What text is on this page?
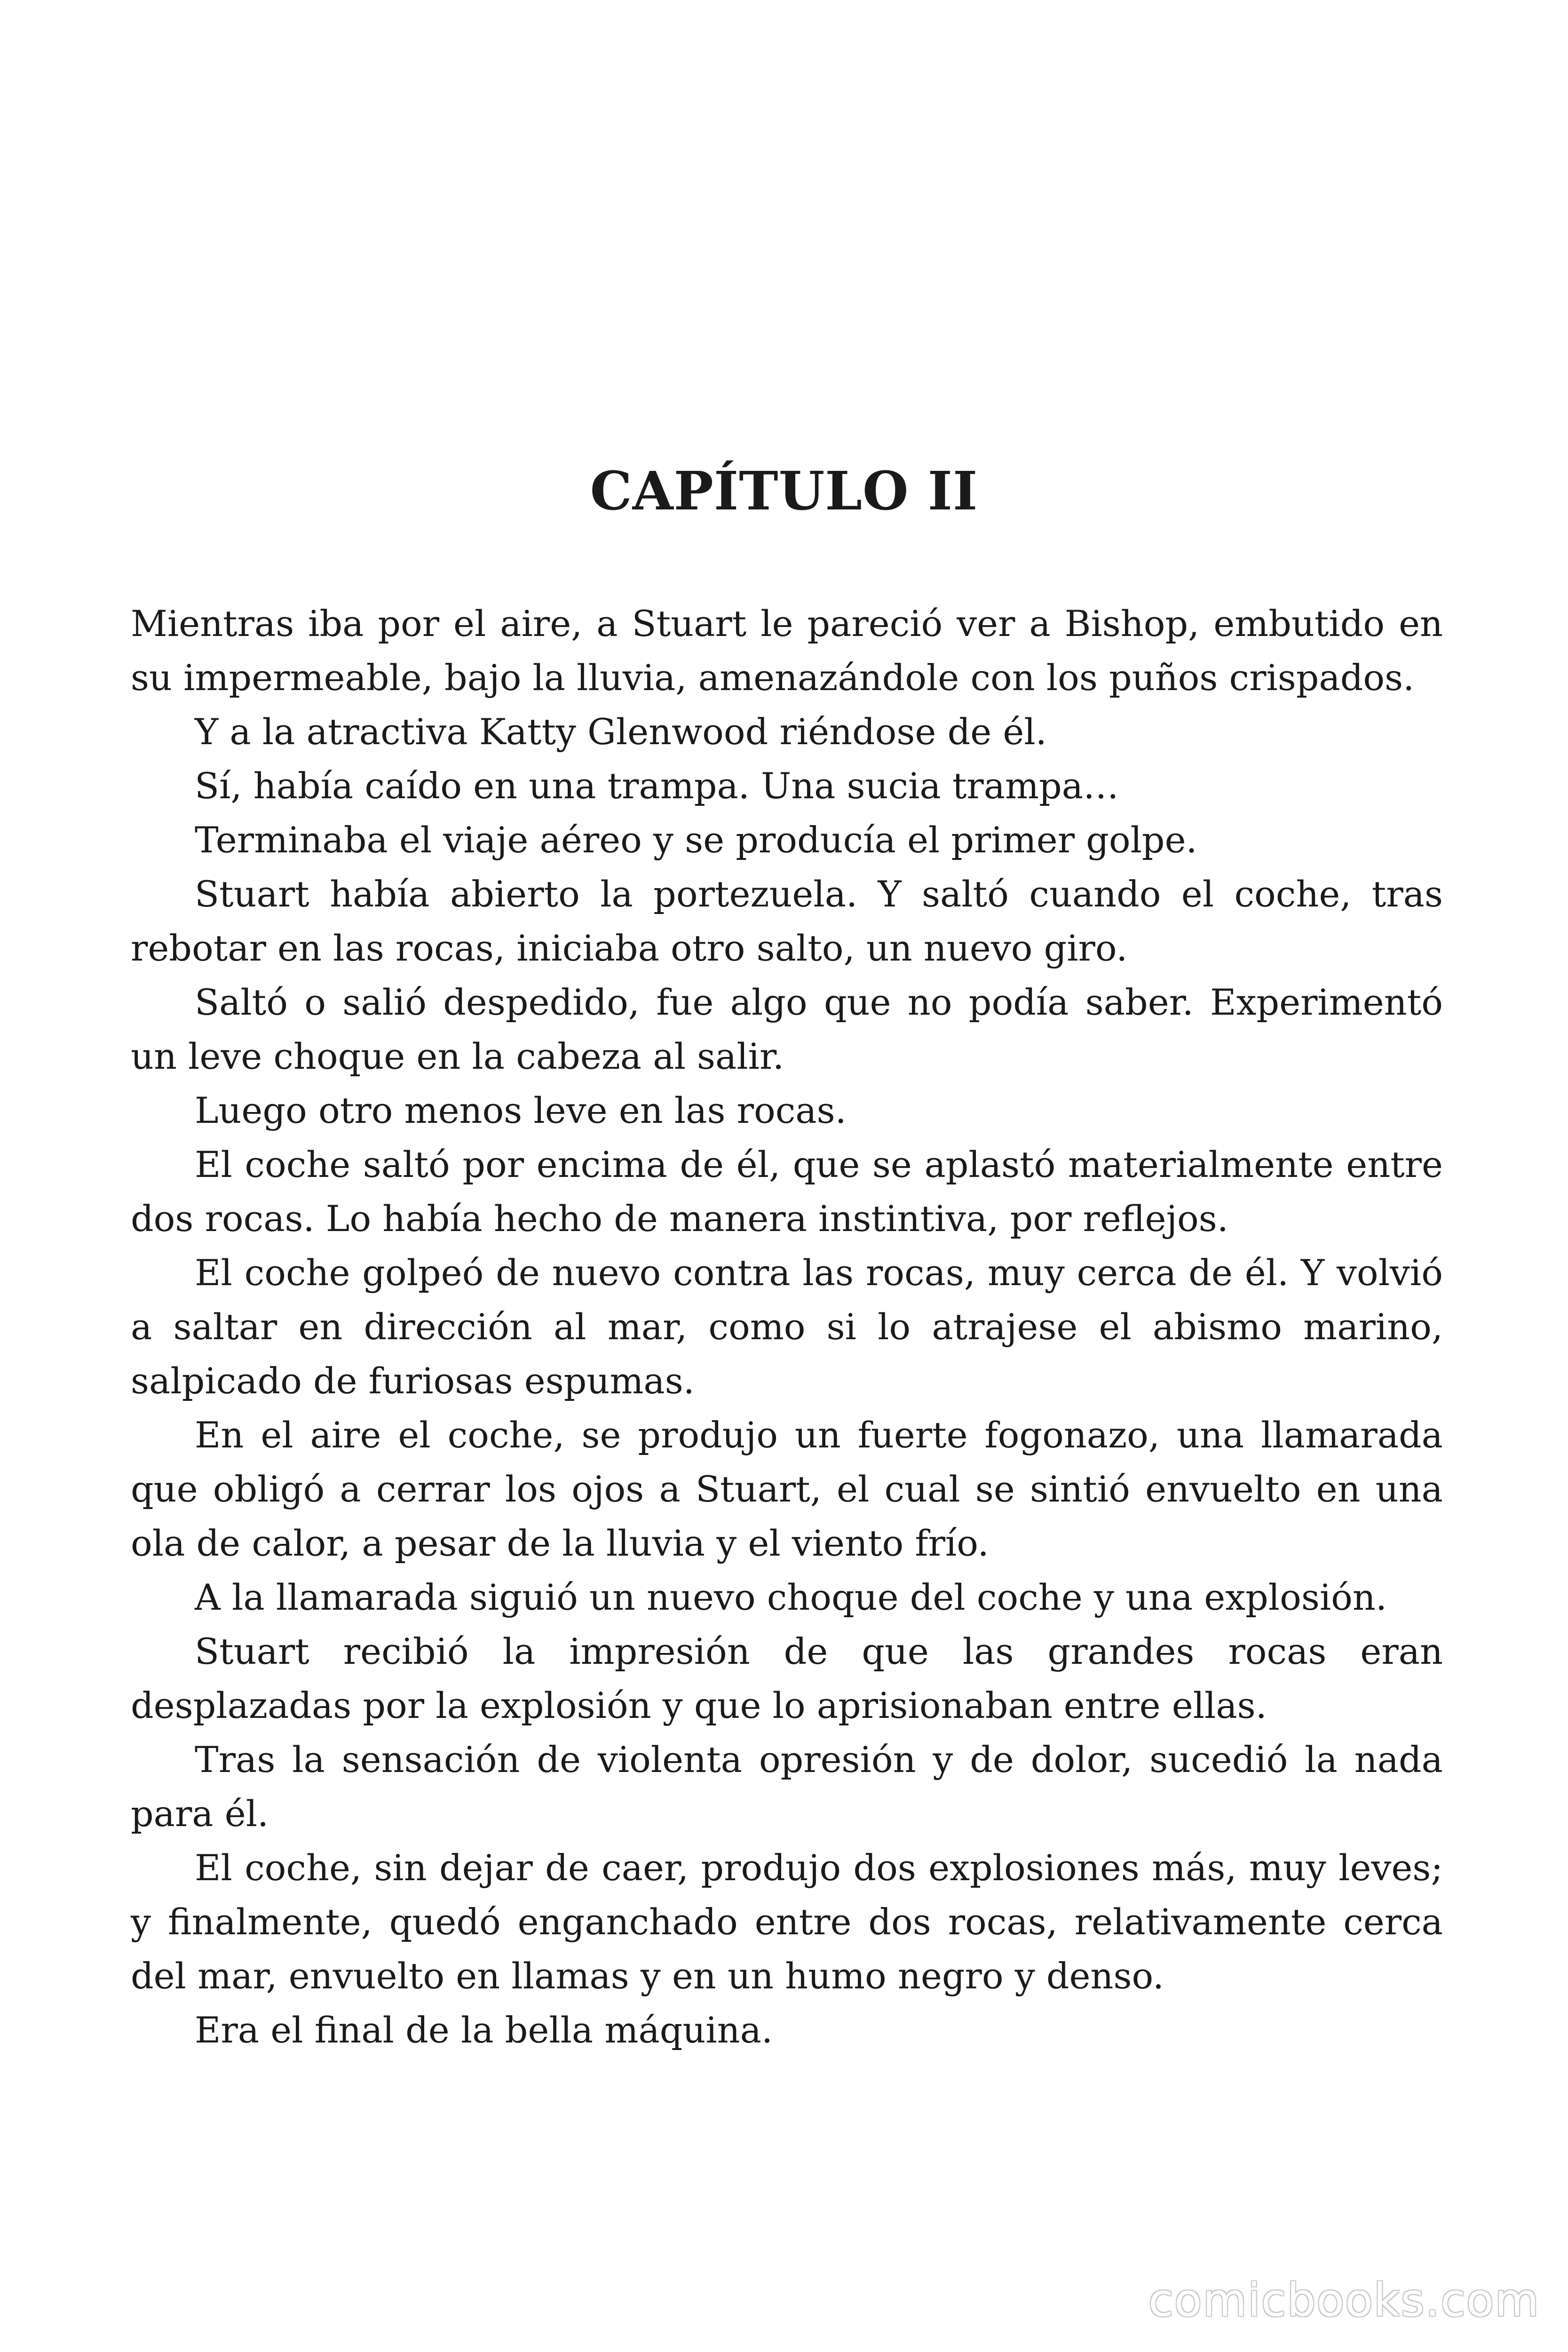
CAPÍTULO II

Mientras iba por el aire, a Stuart le pareció ver a Bishop, embutido en su impermeable, bajo la lluvia, amenazándole con los puños crispados.

Y a la atractiva Katty Glenwood riéndose de él.

Sí, había caído en una trampa. Una sucia trampa…

Terminaba el viaje aéreo y se producía el primer golpe.

Stuart había abierto la portezuela. Y saltó cuando el coche, tras rebotar en las rocas, iniciaba otro salto, un nuevo giro.

Saltó o salió despedido, fue algo que no podía saber. Experimentó un leve choque en la cabeza al salir.

Luego otro menos leve en las rocas.

El coche saltó por encima de él, que se aplastó materialmente entre dos rocas. Lo había hecho de manera instintiva, por reflejos.

El coche golpeó de nuevo contra las rocas, muy cerca de él. Y volvió a saltar en dirección al mar, como si lo atrajese el abismo marino, salpicado de furiosas espumas.

En el aire el coche, se produjo un fuerte fogonazo, una llamarada que obligó a cerrar los ojos a Stuart, el cual se sintió envuelto en una ola de calor, a pesar de la lluvia y el viento frío.

A la llamarada siguió un nuevo choque del coche y una explosión.

Stuart recibió la impresión de que las grandes rocas eran desplazadas por la explosión y que lo aprisionaban entre ellas.

Tras la sensación de violenta opresión y de dolor, sucedió la nada para él.

El coche, sin dejar de caer, produjo dos explosiones más, muy leves; y finalmente, quedó enganchado entre dos rocas, relativamente cerca del mar, envuelto en llamas y en un humo negro y denso.

Era el final de la bella máquina.

comicbooks.com
